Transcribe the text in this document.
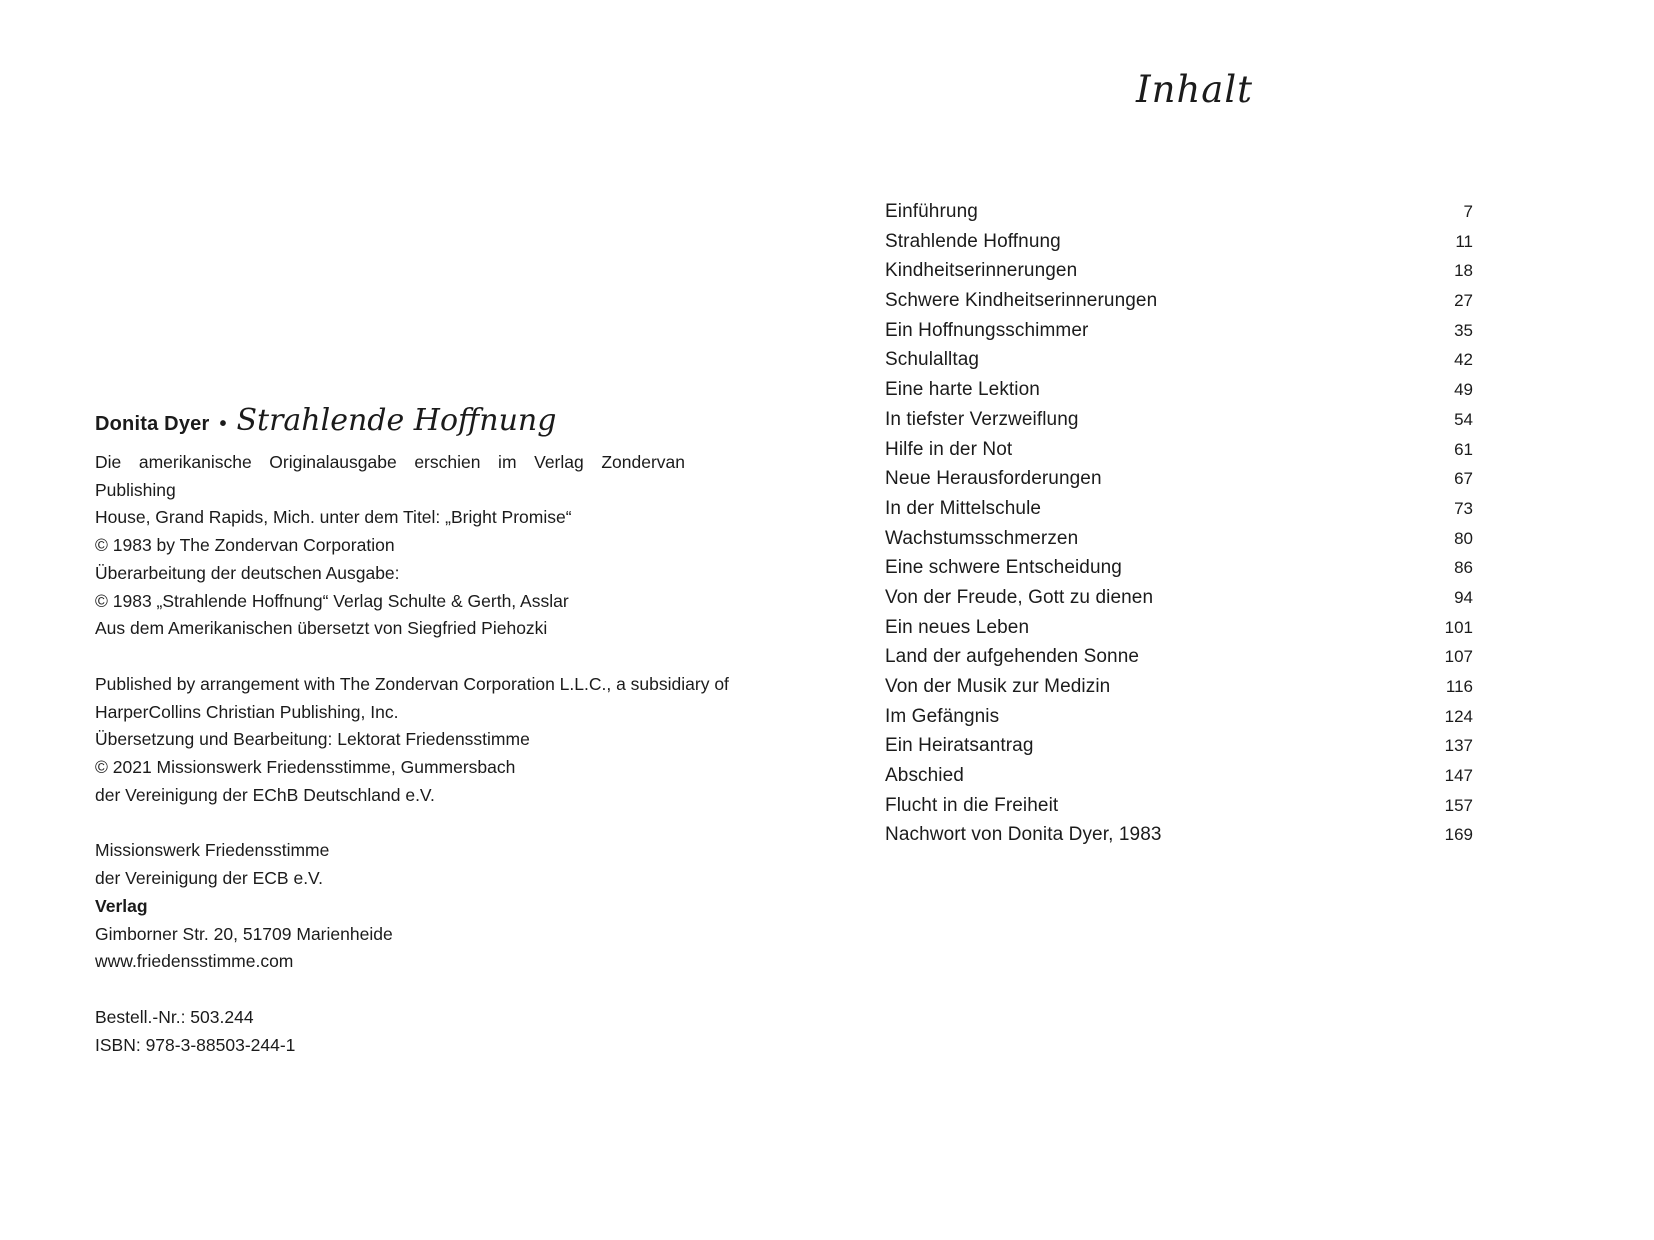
Donita Dyer • Strahlende Hoffnung

Die amerikanische Originalausgabe erschien im Verlag Zondervan Publishing

House, Grand Rapids, Mich. unter dem Titel: „Bright Promise“

© 1983 by The Zondervan Corporation

Überarbeitung der deutschen Ausgabe:

© 1983 „Strahlende Hoffnung“ Verlag Schulte & Gerth, Asslar

Aus dem Amerikanischen übersetzt von Siegfried Piehozki

Published by arrangement with The Zondervan Corporation L.L.C., a subsidiary of

HarperCollins Christian Publishing, Inc.

Übersetzung und Bearbeitung: Lektorat Friedensstimme

© 2021 Missionswerk Friedensstimme, Gummersbach

der Vereinigung der EChB Deutschland e.V.

Missionswerk Friedensstimme

der Vereinigung der ECB e.V.

Verlag

Gimborner Str. 20, 51709 Marienheide

www.friedensstimme.com

Bestell.-Nr.: 503.244

ISBN: 978-3-88503-244-1

Inhalt
Einführung	7
Strahlende Hoffnung	11
Kindheitserinnerungen	18
Schwere Kindheitserinnerungen	27
Ein Hoffnungsschimmer	35
Schulalltag	42
Eine harte Lektion	49
In tiefster Verzweiflung	54
Hilfe in der Not	61
Neue Herausforderungen	67
In der Mittelschule	73
Wachstumsschmerzen	80
Eine schwere Entscheidung	86
Von der Freude, Gott zu dienen	94
Ein neues Leben	101
Land der aufgehenden Sonne	107
Von der Musik zur Medizin	116
Im Gefängnis	124
Ein Heiratsantrag	137
Abschied	147
Flucht in die Freiheit	157
Nachwort von Donita Dyer, 1983	169
